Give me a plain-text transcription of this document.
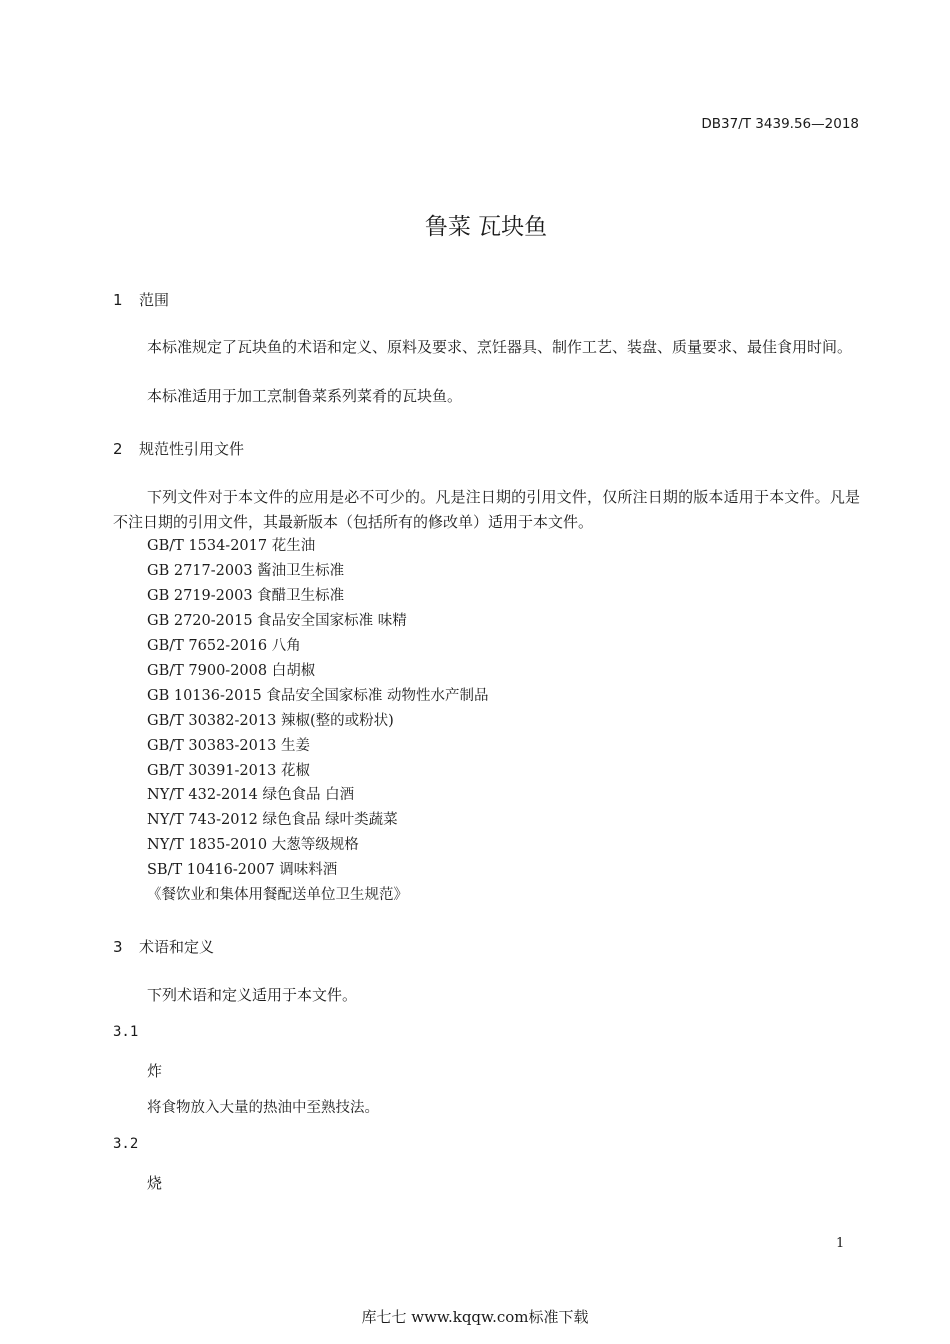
DB37/T 3439.56—2018
鲁菜 瓦块鱼
1 范围
本标准规定了瓦块鱼的术语和定义、原料及要求、烹饪器具、制作工艺、装盘、质量要求、最佳食用时间。
本标准适用于加工烹制鲁菜系列菜肴的瓦块鱼。
2 规范性引用文件
下列文件对于本文件的应用是必不可少的。凡是注日期的引用文件，仅所注日期的版本适用于本文件。凡是不注日期的引用文件，其最新版本（包括所有的修改单）适用于本文件。
GB/T 1534-2017 花生油
GB 2717-2003 酱油卫生标准
GB 2719-2003 食醋卫生标准
GB 2720-2015 食品安全国家标准 味精
GB/T 7652-2016 八角
GB/T 7900-2008 白胡椒
GB 10136-2015 食品安全国家标准 动物性水产制品
GB/T 30382-2013 辣椒(整的或粉状)
GB/T 30383-2013 生姜
GB/T 30391-2013 花椒
NY/T 432-2014 绿色食品 白酒
NY/T 743-2012 绿色食品 绿叶类蔬菜
NY/T 1835-2010 大葱等级规格
SB/T 10416-2007 调味料酒
《餐饮业和集体用餐配送单位卫生规范》
3 术语和定义
下列术语和定义适用于本文件。
3.1
炸
将食物放入大量的热油中至熟技法。
3.2
烧
1
库七七 www.kqqw.com标准下载
